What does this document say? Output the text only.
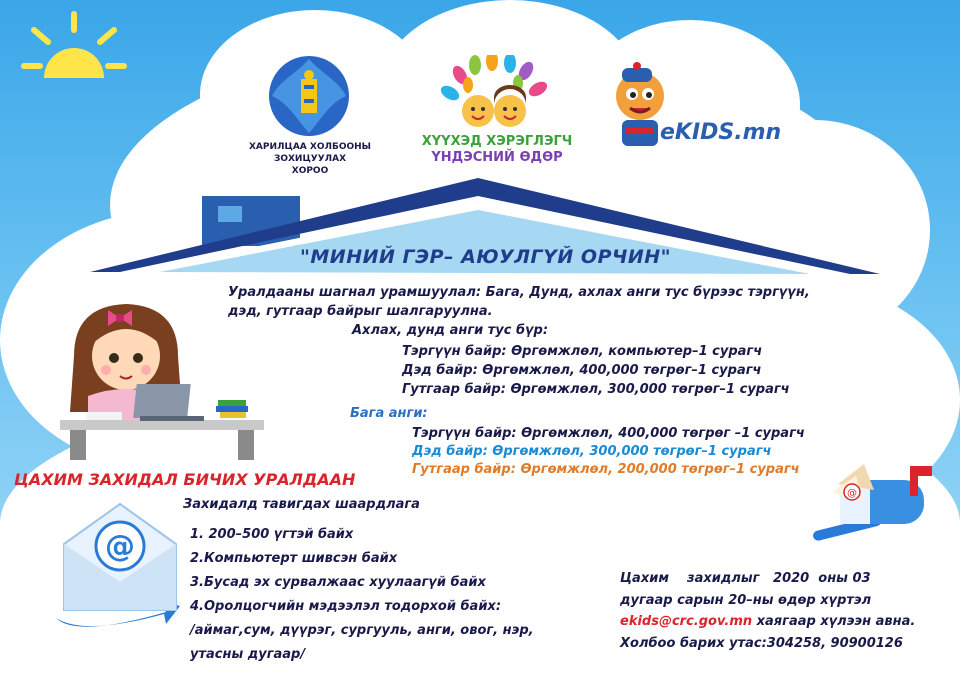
ХАРИЛЦАА ХОЛБООНЫ
ЗОХИЦУУЛАХ
ХОРОО
ХҮҮХЭД ХЭРЭГЛЭГЧ
ҮНДЭСНИЙ ӨДӨР
eKIDS.mn
"МИНИЙ ГЭР– АЮУЛГҮЙ ОРЧИН"
Уралдааны шагнал урамшуулал: Бага, Дунд, ахлах анги тус бүрээс тэргүүн,
дэд, гутгаар байрыг шалгаруулна.
Ахлах, дунд анги тус бүр:
Тэргүүн байр: Өргөмжлөл, компьютер–1 сурагч
Дэд байр: Өргөмжлөл, 400,000 төгрөг–1 сурагч
Гутгаар байр: Өргөмжлөл, 300,000 төгрөг–1 сурагч
Бага анги:
Тэргүүн байр: Өргөмжлөл, 400,000 төгрөг –1 сурагч
Дэд байр: Өргөмжлөл, 300,000 төгрөг–1 сурагч
Гутгаар байр: Өргөмжлөл, 200,000 төгрөг–1 сурагч
ЦАХИМ ЗАХИДАЛ БИЧИХ УРАЛДААН
Захидалд тавигдах шаардлага
@	1. 200–500 үгтэй байх
2.Компьютерт шивсэн байх
3.Бусад эх сурвалжаас хуулаагүй байх
4.Оролцогчийн мэдээлэл тодорхой байх:
/аймаг,сум, дүүрэг, сургууль, анги, овог, нэр,
утасны дугаар/
@
Цахим    захидлыг   2020  оны 03
дугаар сарын 20–ны өдөр хүртэл
ekids@crc.gov.mn хаягаар хүлээн авна.
Холбоо барих утас:304258, 90900126
